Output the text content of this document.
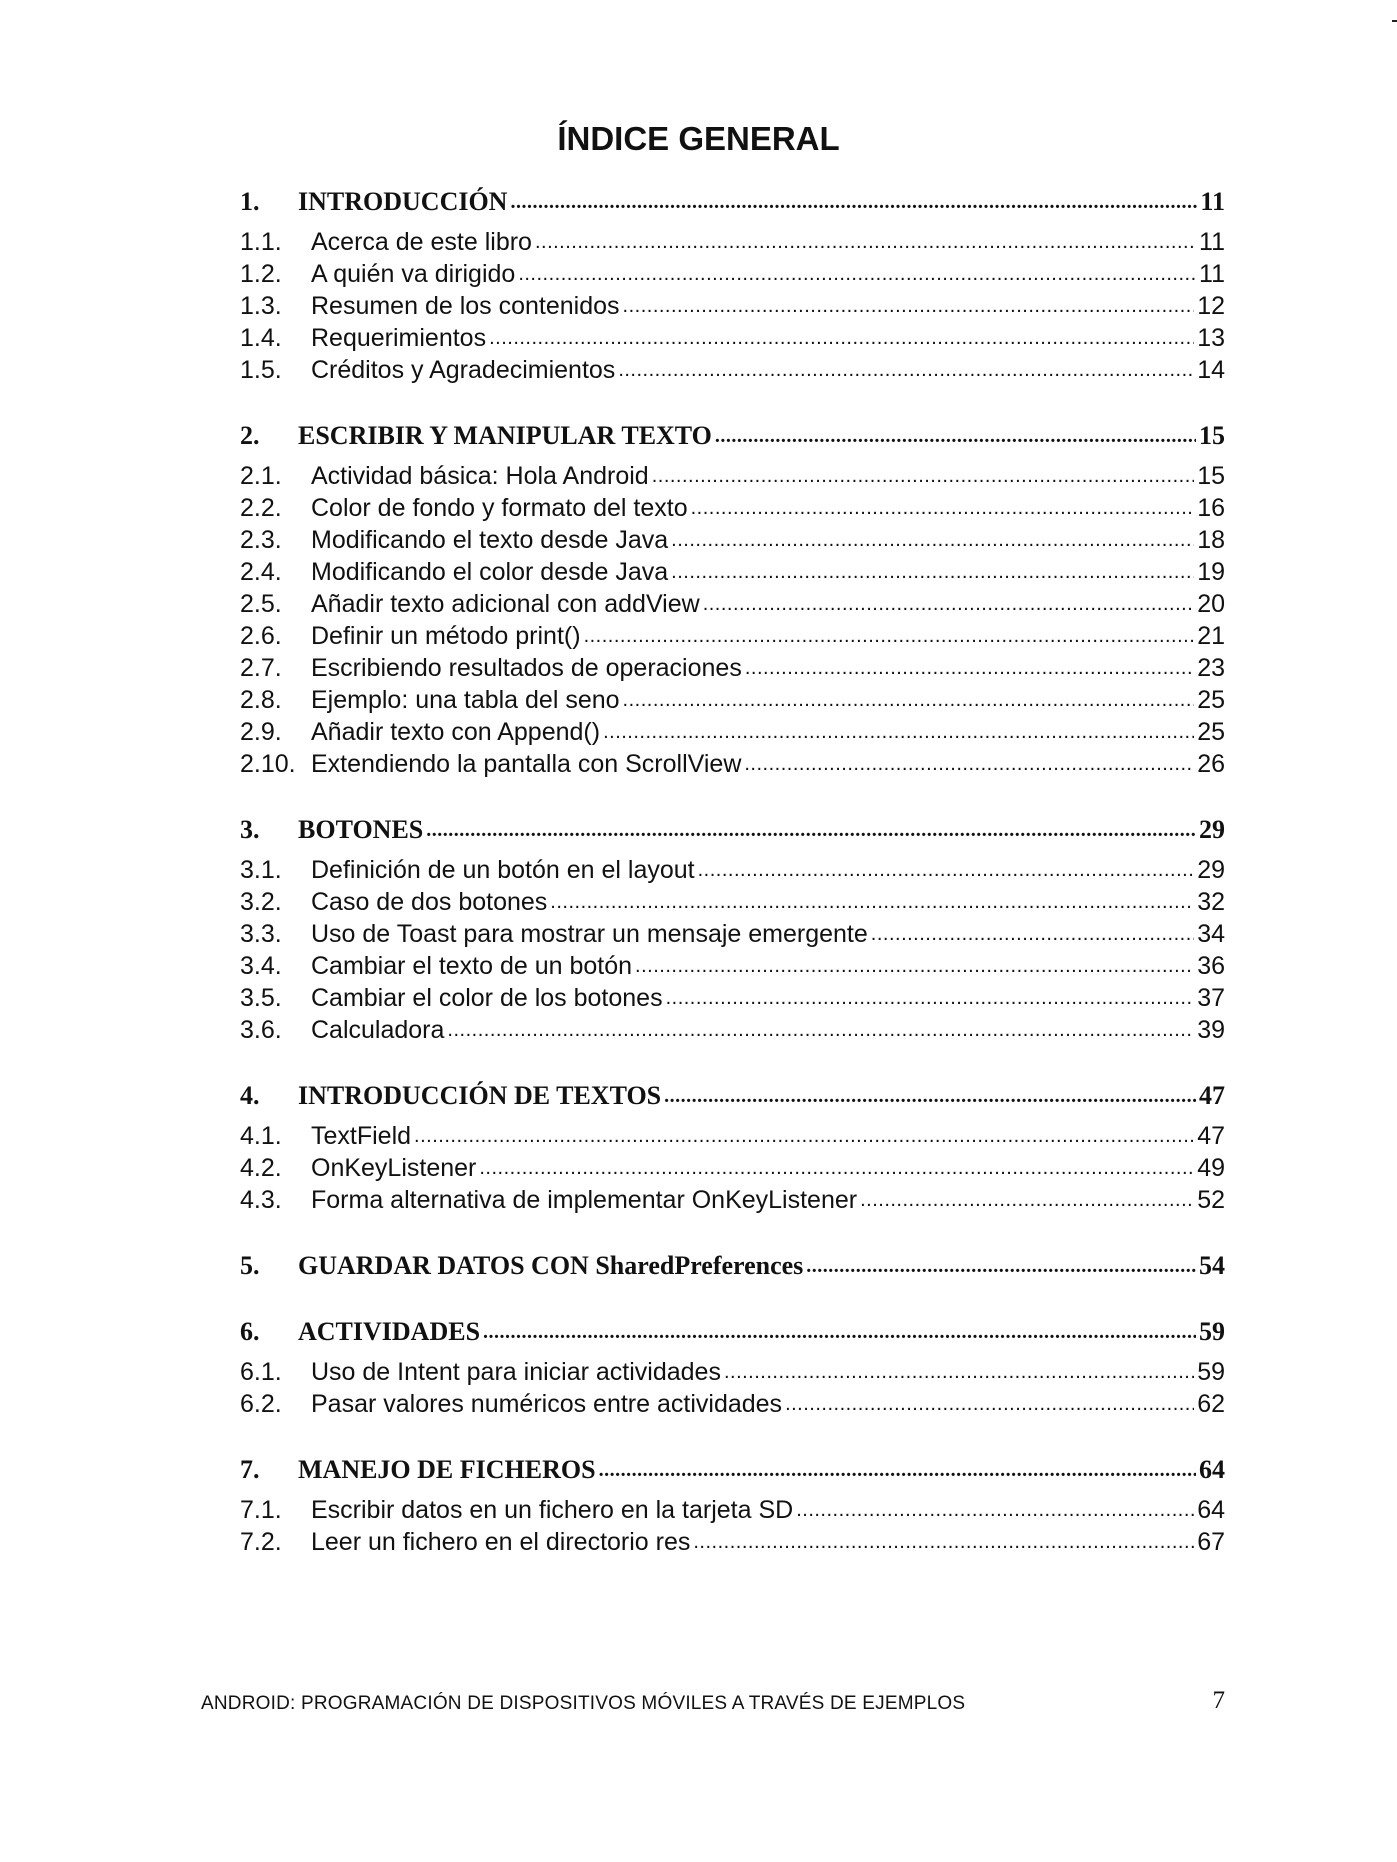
ÍNDICE GENERAL
1.	INTRODUCCIÓN .....	11
1.1.	Acerca de este libro .....	11
1.2.	A quién va dirigido .....	11
1.3.	Resumen de los contenidos .....	12
1.4.	Requerimientos .....	13
1.5.	Créditos y Agradecimientos .....	14
2.	ESCRIBIR Y MANIPULAR TEXTO .....	15
2.1.	Actividad básica: Hola Android .....	15
2.2.	Color de fondo y formato del texto .....	16
2.3.	Modificando el texto desde Java .....	18
2.4.	Modificando el color desde Java .....	19
2.5.	Añadir texto adicional con addView .....	20
2.6.	Definir un método print() .....	21
2.7.	Escribiendo resultados de operaciones .....	23
2.8.	Ejemplo: una tabla del seno .....	25
2.9.	Añadir texto con Append() .....	25
2.10. Extendiendo la pantalla con ScrollView .....	26
3.	BOTONES .....	29
3.1.	Definición de un botón en el layout .....	29
3.2.	Caso de dos botones .....	32
3.3.	Uso de Toast para mostrar un mensaje emergente .....	34
3.4.	Cambiar el texto de un botón .....	36
3.5.	Cambiar el color de los botones .....	37
3.6.	Calculadora .....	39
4.	INTRODUCCIÓN DE TEXTOS .....	47
4.1.	TextField .....	47
4.2.	OnKeyListener .....	49
4.3.	Forma alternativa de implementar OnKeyListener .....	52
5.	GUARDAR DATOS CON SharedPreferences .....	54
6.	ACTIVIDADES .....	59
6.1.	Uso de Intent para iniciar actividades .....	59
6.2.	Pasar valores numéricos entre actividades .....	62
7.	MANEJO DE FICHEROS .....	64
7.1.	Escribir datos en un fichero en la tarjeta SD .....	64
7.2.	Leer un fichero en el directorio res .....	67
ANDROID: PROGRAMACIÓN DE DISPOSITIVOS MÓVILES A TRAVÉS DE EJEMPLOS	7
